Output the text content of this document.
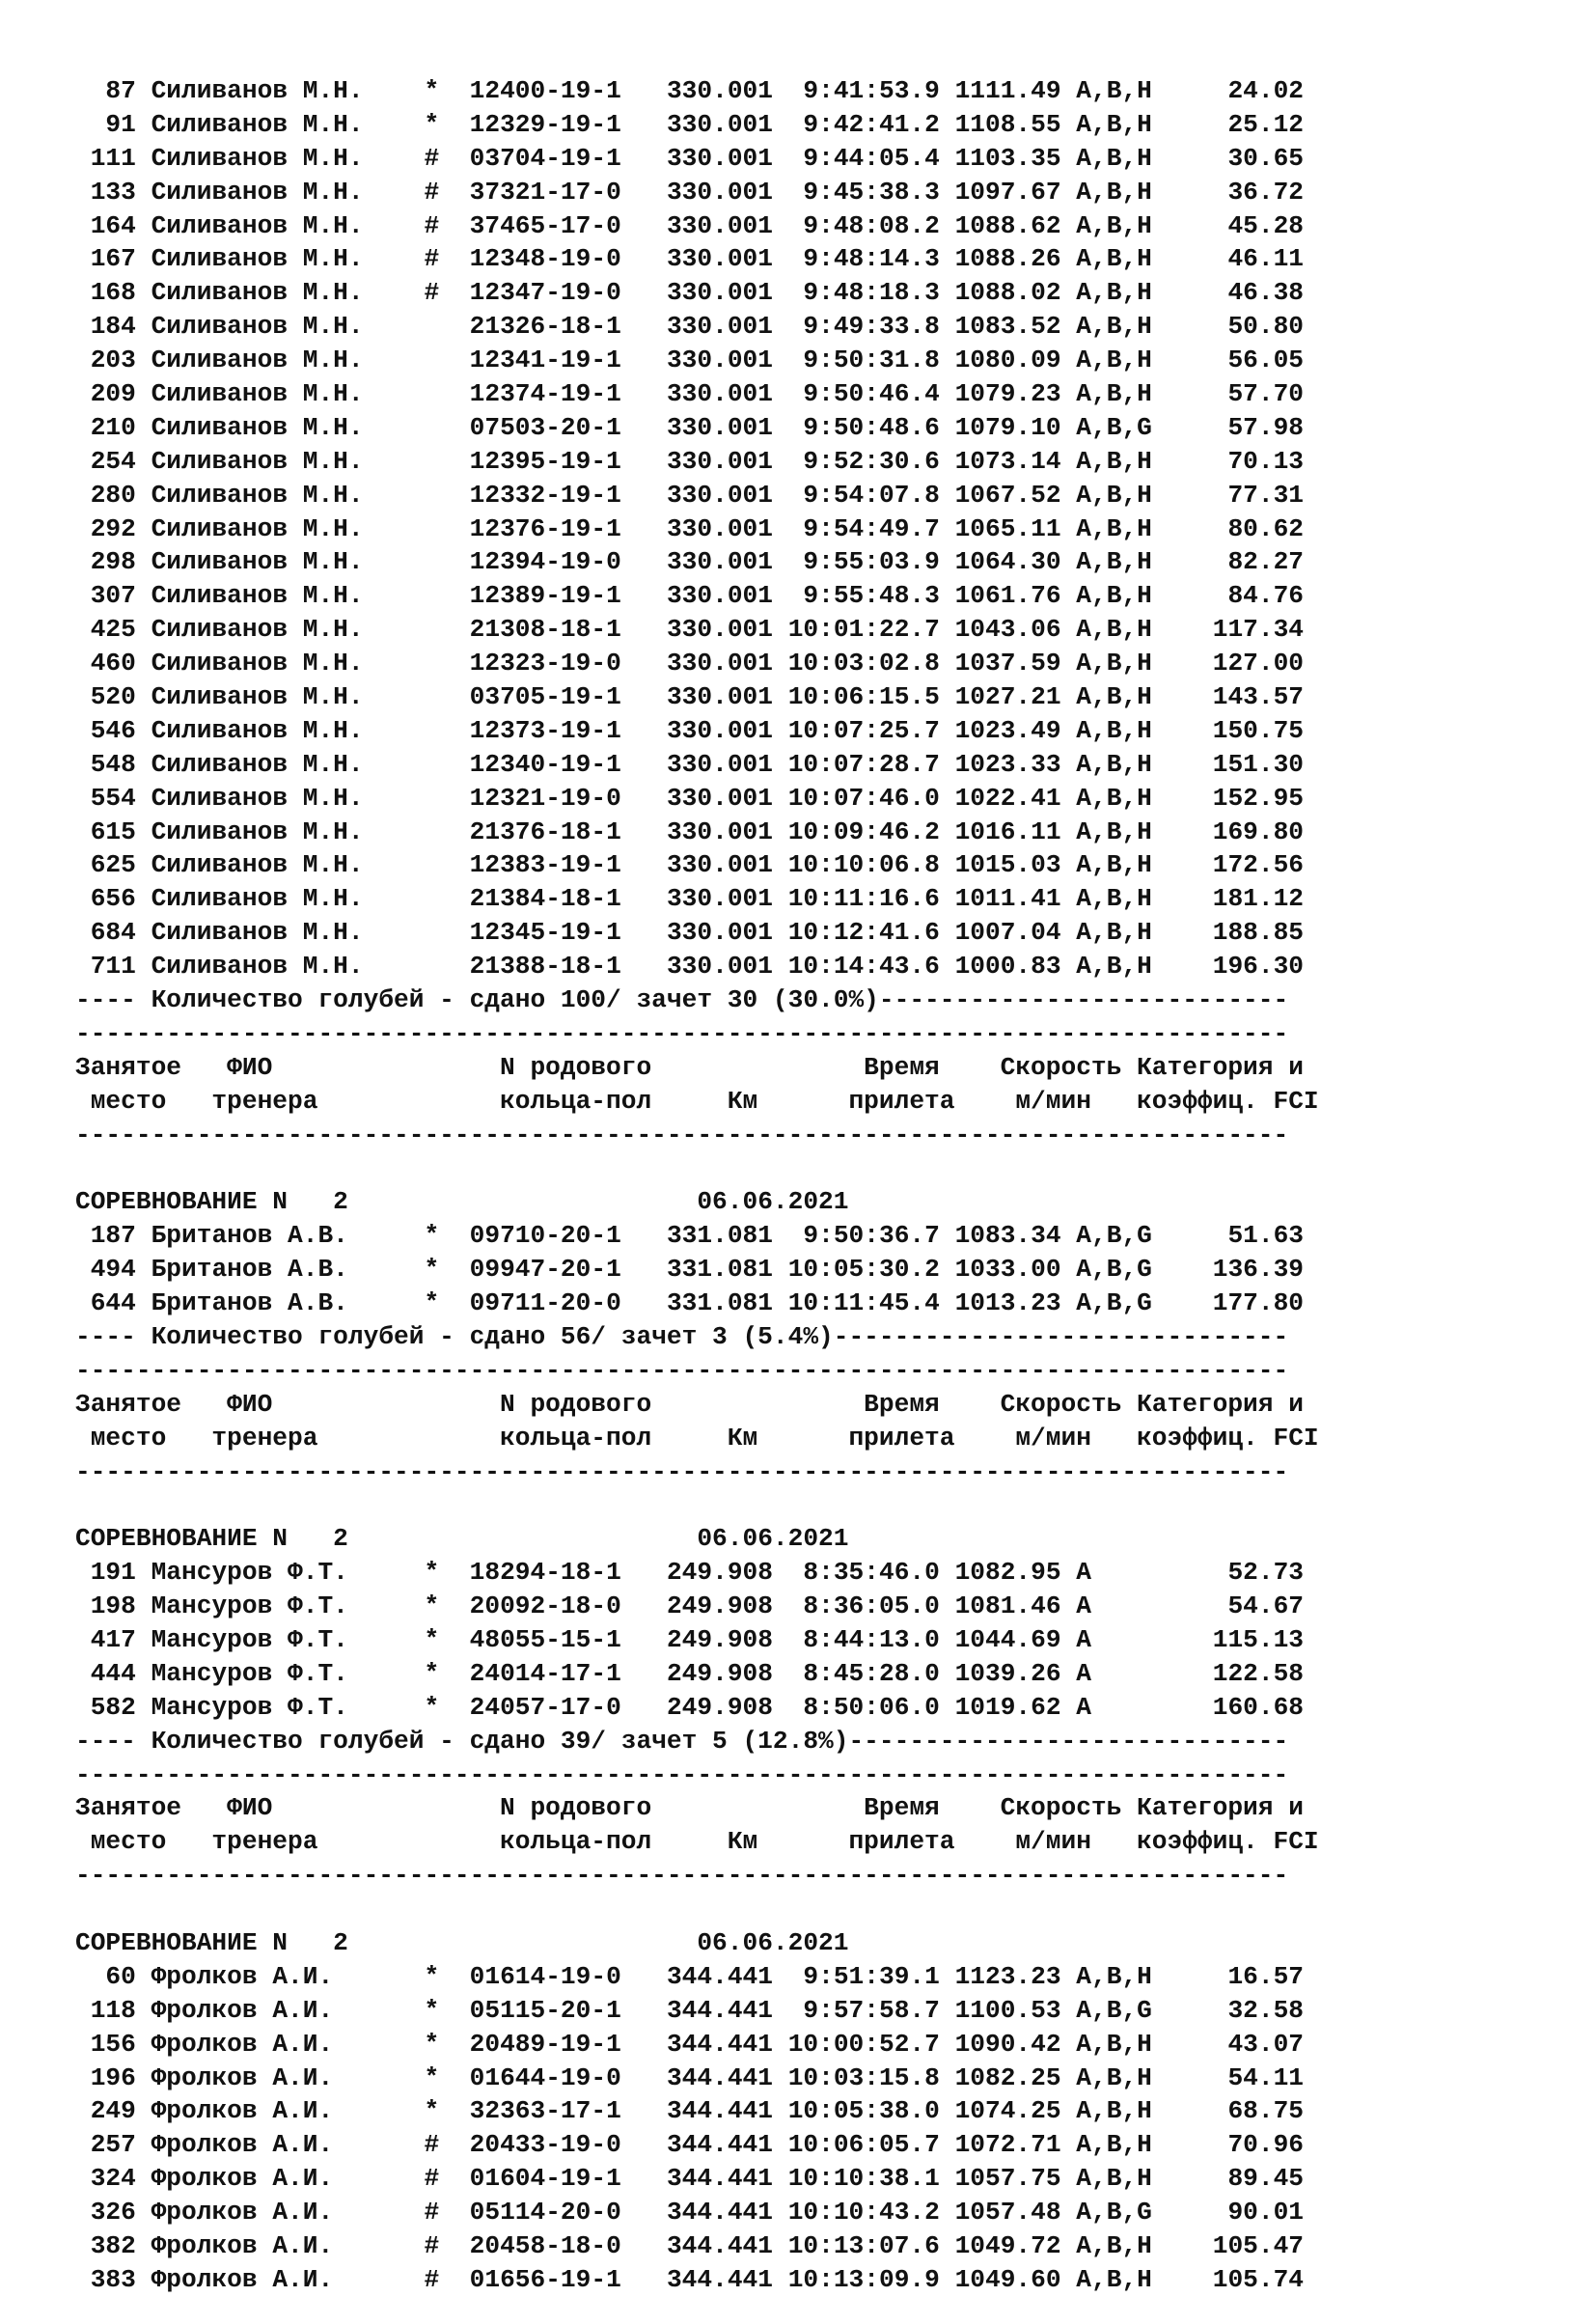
87 Силиванов М.Н.    * 12400-19-1 330.001  9:41:53.9 1111.49 A,B,H     24.02
91 Силиванов М.Н.    * 12329-19-1 330.001  9:42:41.2 1108.55 A,B,H     25.12
111 Силиванов М.Н.    # 03704-19-1 330.001  9:44:05.4 1103.35 A,B,H     30.65
133 Силиванов М.Н.    # 37321-17-0 330.001  9:45:38.3 1097.67 A,B,H     36.72
164 Силиванов М.Н.    # 37465-17-0 330.001  9:48:08.2 1088.62 A,B,H     45.28
167 Силиванов М.Н.    # 12348-19-0 330.001  9:48:14.3 1088.26 A,B,H     46.11
168 Силиванов М.Н.    # 12347-19-0 330.001  9:48:18.3 1088.02 A,B,H     46.38
184 Силиванов М.Н.	21326-18-1 330.001  9:49:33.8 1083.52 A,B,H     50.80
203 Силиванов М.Н.	12341-19-1 330.001  9:50:31.8 1080.09 A,B,H     56.05
209 Силиванов М.Н.	12374-19-1 330.001  9:50:46.4 1079.23 A,B,H     57.70
210 Силиванов М.Н.	07503-20-1 330.001  9:50:48.6 1079.10 A,B,G     57.98
254 Силиванов М.Н.	12395-19-1 330.001  9:52:30.6 1073.14 A,B,H     70.13
280 Силиванов М.Н.	12332-19-1 330.001  9:54:07.8 1067.52 A,B,H     77.31
292 Силиванов М.Н.	12376-19-1 330.001  9:54:49.7 1065.11 A,B,H     80.62
298 Силиванов М.Н.	12394-19-0 330.001  9:55:03.9 1064.30 A,B,H     82.27
307 Силиванов М.Н.	12389-19-1 330.001  9:55:48.3 1061.76 A,B,H     84.76
425 Силиванов М.Н.	21308-18-1 330.001 10:01:22.7 1043.06 A,B,H    117.34
460 Силиванов М.Н.	12323-19-0 330.001 10:03:02.8 1037.59 A,B,H    127.00
520 Силиванов М.Н.	03705-19-1 330.001 10:06:15.5 1027.21 A,B,H    143.57
546 Силиванов М.Н.	12373-19-1 330.001 10:07:25.7 1023.49 A,B,H    150.75
548 Силиванов М.Н.	12340-19-1 330.001 10:07:28.7 1023.33 A,B,H    151.30
554 Силиванов М.Н.	12321-19-0 330.001 10:07:46.0 1022.41 A,B,H    152.95
615 Силиванов М.Н.	21376-18-1 330.001 10:09:46.2 1016.11 A,B,H    169.80
625 Силиванов М.Н.	12383-19-1 330.001 10:10:06.8 1015.03 A,B,H    172.56
656 Силиванов М.Н.	21384-18-1 330.001 10:11:16.6 1011.41 A,B,H    181.12
684 Силиванов М.Н.	12345-19-1 330.001 10:12:41.6 1007.04 A,B,H    188.85
711 Силиванов М.Н.	21388-18-1 330.001 10:14:43.6 1000.83 A,B,H    196.30
---- Количество голубей - сдано 100/ зачет 30 (30.0%)---------------------------
--------------------------------------------------------------------------------
Занятое   ФИО               N родового              Время    Скорость Категория и
место   тренера            кольца-пол     Км      прилета    м/мин   коэффиц. FCI
--------------------------------------------------------------------------------
СОРЕВНОВАНИЕ N   2                       06.06.2021
187 Британов А.В.     * 09710-20-1 331.081  9:50:36.7 1083.34 A,B,G     51.63
494 Британов А.В.     * 09947-20-1 331.081 10:05:30.2 1033.00 A,B,G    136.39
644 Британов А.В.     * 09711-20-0 331.081 10:11:45.4 1013.23 A,B,G    177.80
---- Количество голубей - сдано 56/ зачет 3 (5.4%)------------------------------
--------------------------------------------------------------------------------
Занятое   ФИО               N родового              Время    Скорость Категория и
место   тренера            кольца-пол     Км      прилета    м/мин   коэффиц. FCI
--------------------------------------------------------------------------------
СОРЕВНОВАНИЕ N   2                       06.06.2021
191 Мансуров Ф.Т.     * 18294-18-1 249.908  8:35:46.0 1082.95 A         52.73
198 Мансуров Ф.Т.     * 20092-18-0 249.908  8:36:05.0 1081.46 A         54.67
417 Мансуров Ф.Т.     * 48055-15-1 249.908  8:44:13.0 1044.69 A        115.13
444 Мансуров Ф.Т.     * 24014-17-1 249.908  8:45:28.0 1039.26 A        122.58
582 Мансуров Ф.Т.     * 24057-17-0 249.908  8:50:06.0 1019.62 A        160.68
---- Количество голубей - сдано 39/ зачет 5 (12.8%)-----------------------------
--------------------------------------------------------------------------------
Занятое   ФИО               N родового              Время    Скорость Категория и
место   тренера            кольца-пол     Км      прилета    м/мин   коэффиц. FCI
--------------------------------------------------------------------------------
СОРЕВНОВАНИЕ N   2                       06.06.2021
60 Фролков А.И.      * 01614-19-0 344.441  9:51:39.1 1123.23 A,B,H     16.57
118 Фролков А.И.      * 05115-20-1 344.441  9:57:58.7 1100.53 A,B,G     32.58
156 Фролков А.И.      * 20489-19-1 344.441 10:00:52.7 1090.42 A,B,H     43.07
196 Фролков А.И.      * 01644-19-0 344.441 10:03:15.8 1082.25 A,B,H     54.11
249 Фролков А.И.      * 32363-17-1 344.441 10:05:38.0 1074.25 A,B,H     68.75
257 Фролков А.И.      # 20433-19-0 344.441 10:06:05.7 1072.71 A,B,H     70.96
324 Фролков А.И.      # 01604-19-1 344.441 10:10:38.1 1057.75 A,B,H     89.45
326 Фролков А.И.      # 05114-20-0 344.441 10:10:43.2 1057.48 A,B,G     90.01
382 Фролков А.И.      # 20458-18-0 344.441 10:13:07.6 1049.72 A,B,H    105.47
383 Фролков А.И.      # 01656-19-1 344.441 10:13:09.9 1049.60 A,B,H    105.74
